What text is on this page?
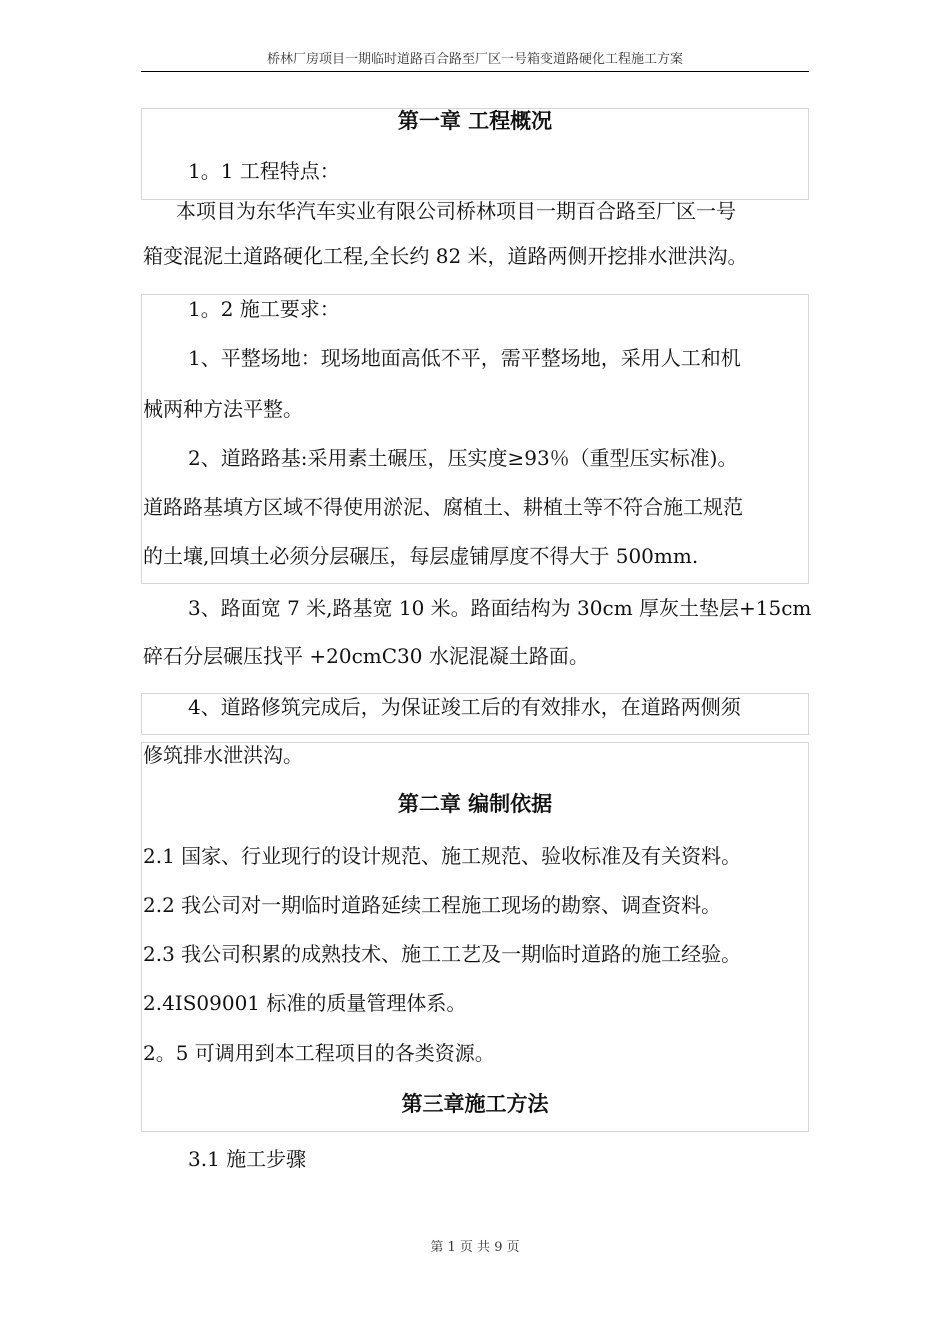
桥林厂房项目一期临时道路百合路至厂区一号箱变道路硬化工程施工方案
第一章 工程概况
1。1 工程特点：
本项目为东华汽车实业有限公司桥林项目一期百合路至厂区一号
箱变混泥土道路硬化工程,全长约 82 米，道路两侧开挖排水泄洪沟。
1。2 施工要求：
1、平整场地：现场地面高低不平，需平整场地，采用人工和机
械两种方法平整。
2、道路路基:采用素土碾压，压实度≥93％（重型压实标准)。
道路路基填方区域不得使用淤泥、腐植土、耕植土等不符合施工规范
的土壤,回填土必须分层碾压，每层虚铺厚度不得大于 500mm.
3、路面宽 7 米,路基宽 10 米。路面结构为 30cm 厚灰土垫层+15cm
碎石分层碾压找平 +20cmC30 水泥混凝土路面。
4、道路修筑完成后，为保证竣工后的有效排水，在道路两侧须
修筑排水泄洪沟。
第二章 编制依据
2.1 国家、行业现行的设计规范、施工规范、验收标准及有关资料。
2.2 我公司对一期临时道路延续工程施工现场的勘察、调查资料。
2.3 我公司积累的成熟技术、施工工艺及一期临时道路的施工经验。
2.4IS09001 标准的质量管理体系。
2。5 可调用到本工程项目的各类资源。
第三章施工方法
3.1 施工步骤
第 1 页 共 9 页
